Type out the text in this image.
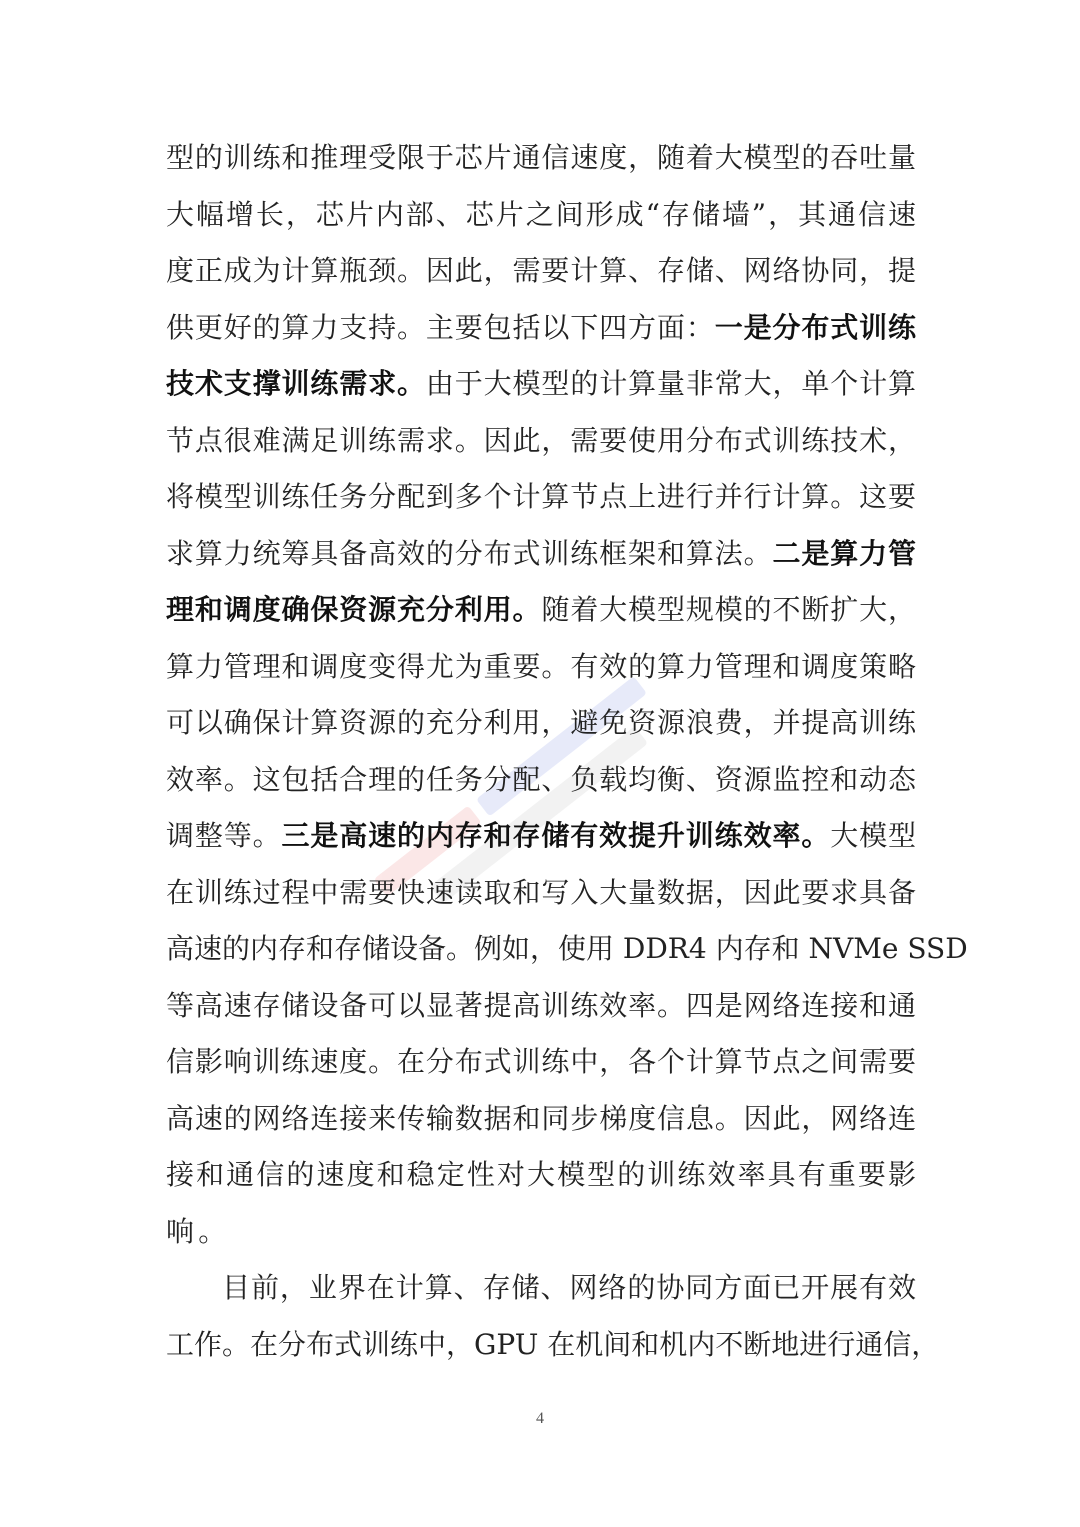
型的训练和推理受限于芯片通信速度，随着大模型的吞吐量
大幅增长，芯片内部、芯片之间形成“存储墙”，其通信速
度正成为计算瓶颈。因此，需要计算、存储、网络协同，提
供更好的算力支持。主要包括以下四方面：一是分布式训练
技术支撑训练需求。由于大模型的计算量非常大，单个计算
节点很难满足训练需求。因此，需要使用分布式训练技术，
将模型训练任务分配到多个计算节点上进行并行计算。这要
求算力统筹具备高效的分布式训练框架和算法。二是算力管
理和调度确保资源充分利用。随着大模型规模的不断扩大，
算力管理和调度变得尤为重要。有效的算力管理和调度策略
可以确保计算资源的充分利用，避免资源浪费，并提高训练
效率。这包括合理的任务分配、负载均衡、资源监控和动态
调整等。三是高速的内存和存储有效提升训练效率。大模型
在训练过程中需要快速读取和写入大量数据，因此要求具备
高速的内存和存储设备。例如，使用 DDR4 内存和 NVMe SSD
等高速存储设备可以显著提高训练效率。四是网络连接和通
信影响训练速度。在分布式训练中，各个计算节点之间需要
高速的网络连接来传输数据和同步梯度信息。因此，网络连
接和通信的速度和稳定性对大模型的训练效率具有重要影
响。
目前，业界在计算、存储、网络的协同方面已开展有效
工作。在分布式训练中，GPU 在机间和机内不断地进行通信，
4
